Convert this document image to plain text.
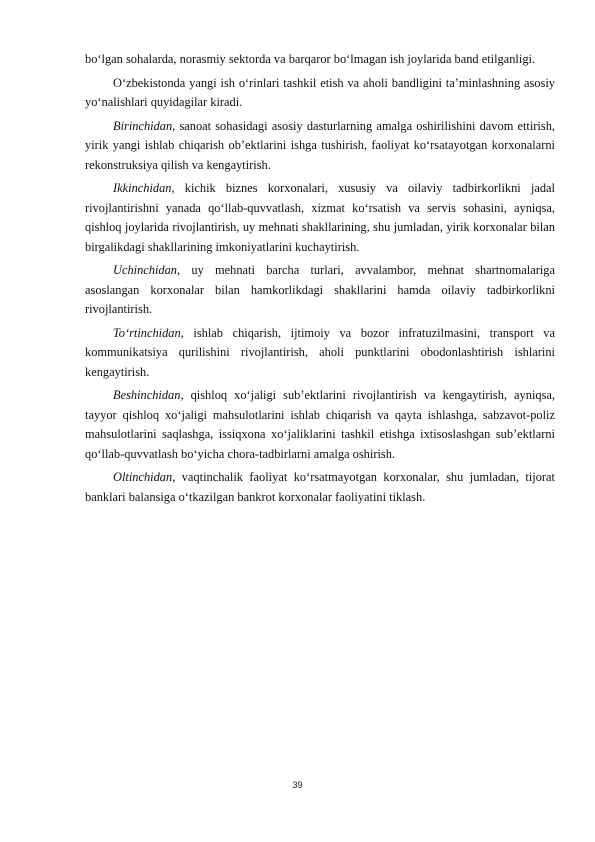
bo‘lgan sohalarda, norasmiy sektorda va barqaror bo‘lmagan ish joylarida band etilganligi.

O‘zbekistonda yangi ish o‘rinlari tashkil etish va aholi bandligini ta’minlashning asosiy yo‘nalishlari quyidagilar kiradi.

Birinchidan, sanoat sohasidagi asosiy dasturlarning amalga oshirilishini davom ettirish, yirik yangi ishlab chiqarish ob’ektlarini ishga tushirish, faoliyat ko‘rsatayotgan korxonalarni rekonstruksiya qilish va kengaytirish.

Ikkinchidan, kichik biznes korxonalari, xususiy va oilaviy tadbirkorlikni jadal rivojlantirishni yanada qo‘llab-quvvatlash, xizmat ko‘rsatish va servis sohasini, ayniqsa, qishloq joylarida rivojlantirish, uy mehnati shakllarining, shu jumladan, yirik korxonalar bilan birgalikdagi shakllarining imkoniyatlarini kuchaytirish.

Uchinchidan, uy mehnati barcha turlari, avvalambor, mehnat shartnomalariga asoslangan korxonalar bilan hamkorlikdagi shakllarini hamda oilaviy tadbirkorlikni rivojlantirish.

To‘rtinchidan, ishlab chiqarish, ijtimoiy va bozor infratuzilmasini, transport va kommunikatsiya qurilishini rivojlantirish, aholi punktlarini obodonlashtirish ishlarini kengaytirish.

Beshinchidan, qishloq xo‘jaligi sub’ektlarini rivojlantirish va kengaytirish, ayniqsa, tayyor qishloq xo‘jaligi mahsulotlarini ishlab chiqarish va qayta ishlashga, sabzavot-poliz mahsulotlarini saqlashga, issiqxona xo‘jaliklarini tashkil etishga ixtisoslashgan sub’ektlarni qo‘llab-quvvatlash bo‘yicha chora-tadbirlarni amalga oshirish.

Oltinchidan, vaqtinchalik faoliyat ko‘rsatmayotgan korxonalar, shu jumladan, tijorat banklari balansiga o‘tkazilgan bankrot korxonalar faoliyatini tiklash.

39
